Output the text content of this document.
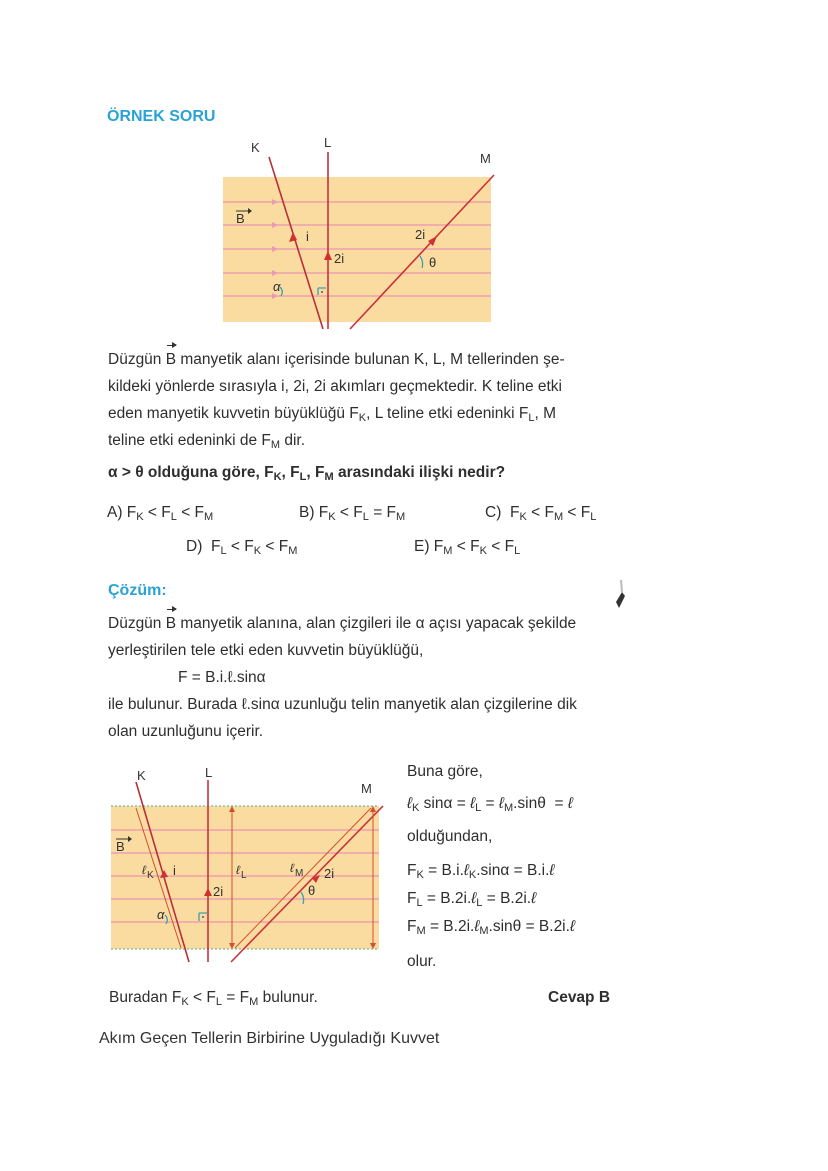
ÖRNEK SORU
K	L
M
B
i
2i
2i
θ
α
Düzgün B manyetik alanı içerisinde bulunan K, L, M tellerinden şe-
kildeki yönlerde sırasıyla i, 2i, 2i akımları geçmektedir. K teline etki
eden manyetik kuvvetin büyüklüğü $F_K$, L teline etki edeninki $F_L$, M
teline etki edeninki de $F_M$ dir.
α > θ olduğuna göre, $F_K$, $F_L$, $F_M$ arasındaki ilişki nedir?
A) $F_K < F_L < F_M$	B) $F_K < F_L = F_M$	C)  $F_K < F_M < F_L$
D)  $F_L < F_K < F_M$	E) $F_M < F_K < F_L$
Çözüm:
Düzgün B manyetik alanına, alan çizgileri ile α açısı yapacak şekilde
yerleştirilen tele etki eden kuvvetin büyüklüğü,
F = B.i.ℓ.sinα
ile bulunur. Burada ℓ.sinα uzunluğu telin manyetik alan çizgilerine dik
olan uzunluğunu içerir.
K	L
M
B
ℓ K i	ℓ L
2i
ℓ M 2i
θ
α
Buna göre,
ℓ$_K$ sinα = ℓ$_L$ = ℓ$_M$.sinθ  = ℓ
olduğundan,
$F_K$ = B.i.ℓ$_K$.sinα = B.i.ℓ
$F_L$ = B.2i.ℓ$_L$ = B.2i.ℓ
$F_M$ = B.2i.ℓ$_M$.sinθ = B.2i.ℓ
olur.
Buradan $F_K < F_L = F_M$ bulunur.	Cevap B
Akım Geçen Tellerin Birbirine Uyguladığı Kuvvet
